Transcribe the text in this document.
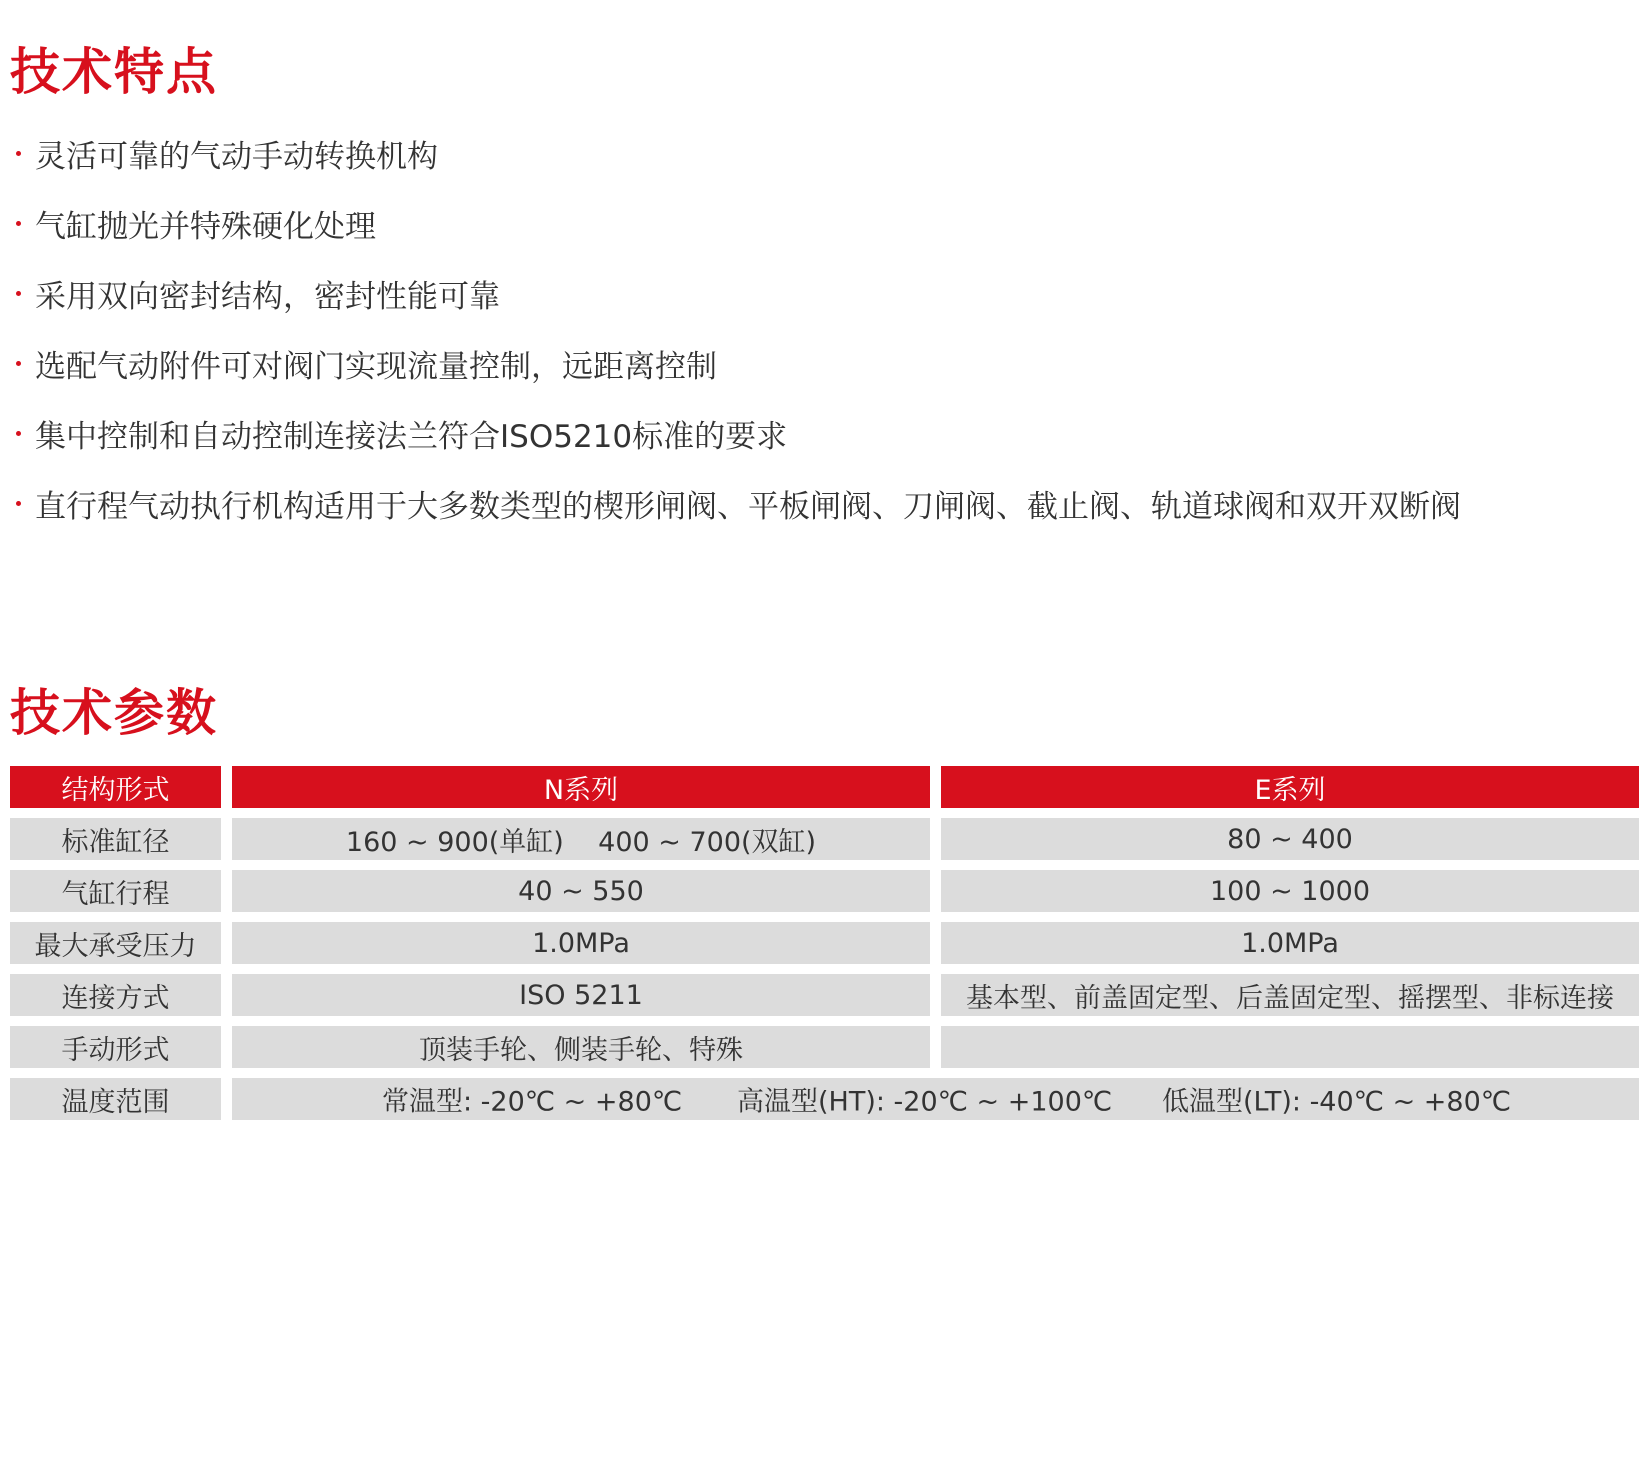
技术特点
灵活可靠的气动手动转换机构
气缸抛光并特殊硬化处理
采用双向密封结构，密封性能可靠
选配气动附件可对阀门实现流量控制，远距离控制
集中控制和自动控制连接法兰符合ISO5210标准的要求
直行程气动执行机构适用于大多数类型的楔形闸阀、平板闸阀、刀闸阀、截止阀、轨道球阀和双开双断阀
技术参数
结构形式	N系列	E系列
标准缸径	160 ~ 900(单缸)    400 ~ 700(双缸)	80 ~ 400
气缸行程	40 ~ 550	100 ~ 1000
最大承受压力	1.0MPa	1.0MPa
连接方式	ISO 5211	基本型、前盖固定型、后盖固定型、摇摆型、非标连接
手动形式	顶装手轮、侧装手轮、特殊
温度范围	常温型: -20℃ ~ +80℃ 高温型(HT): -20℃ ~ +100℃ 低温型(LT): -40℃ ~ +80℃
